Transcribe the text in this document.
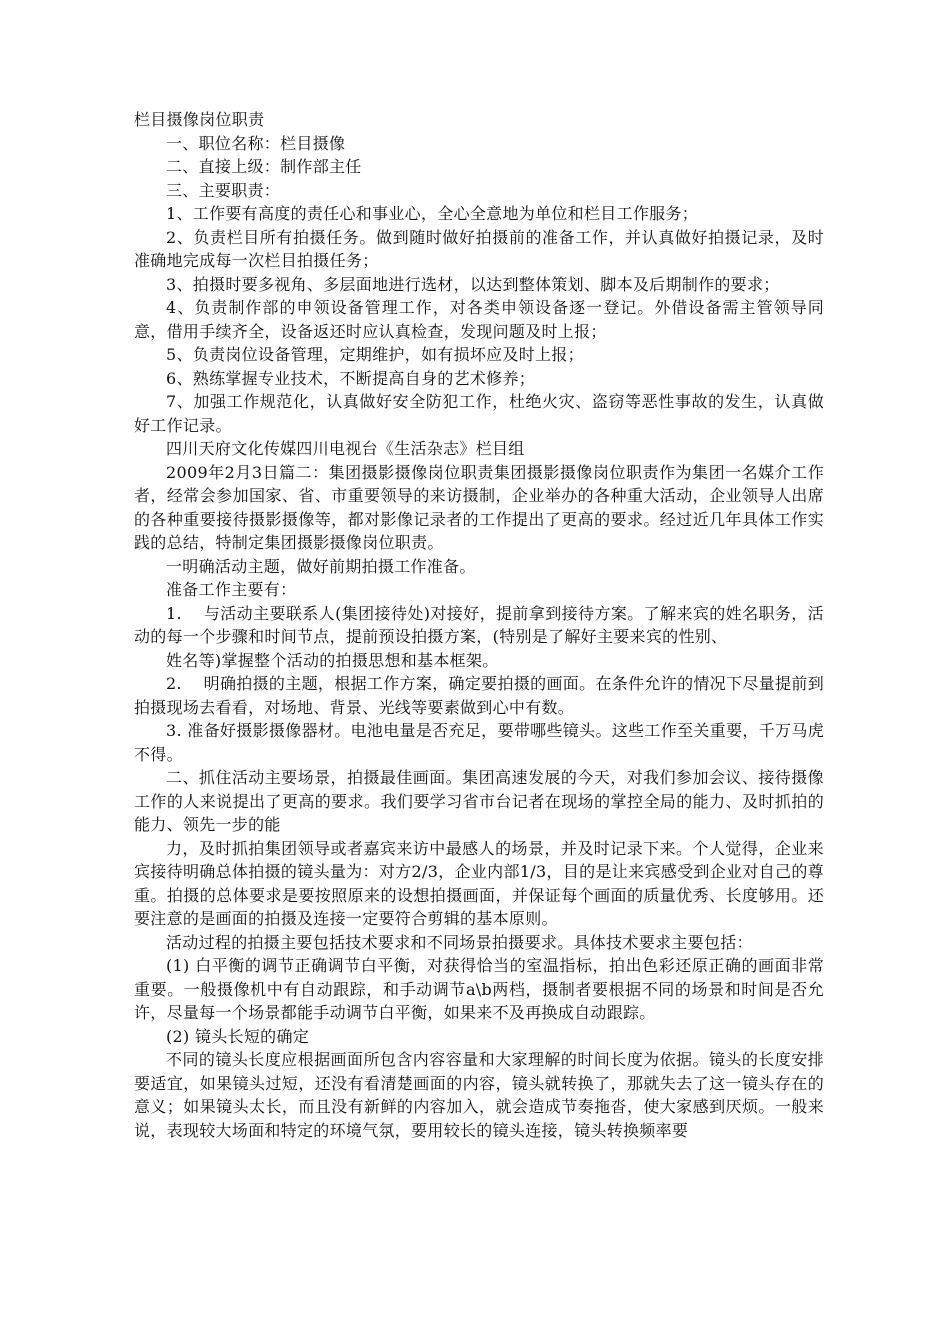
栏目摄像岗位职责

一、职位名称：栏目摄像

二、直接上级：制作部主任

三、主要职责：

1、工作要有高度的责任心和事业心，全心全意地为单位和栏目工作服务；

2、负责栏目所有拍摄任务。做到随时做好拍摄前的准备工作，并认真做好拍摄记录，及时准确地完成每一次栏目拍摄任务；

3、拍摄时要多视角、多层面地进行选材，以达到整体策划、脚本及后期制作的要求；

4、负责制作部的申领设备管理工作，对各类申领设备逐一登记。外借设备需主管领导同意，借用手续齐全，设备返还时应认真检查，发现问题及时上报；

5、负责岗位设备管理，定期维护，如有损坏应及时上报；

6、熟练掌握专业技术，不断提高自身的艺术修养；

7、加强工作规范化，认真做好安全防犯工作，杜绝火灾、盗窃等恶性事故的发生，认真做好工作记录。

四川天府文化传媒四川电视台《生活杂志》栏目组

2009年2月3日篇二：集团摄影摄像岗位职责集团摄影摄像岗位职责作为集团一名媒介工作者，经常会参加国家、省、市重要领导的来访摄制，企业举办的各种重大活动，企业领导人出席的各种重要接待摄影摄像等，都对影像记录者的工作提出了更高的要求。经过近几年具体工作实践的总结，特制定集团摄影摄像岗位职责。

一明确活动主题，做好前期拍摄工作准备。

准备工作主要有：

1.　 与活动主要联系人(集团接待处)对接好，提前拿到接待方案。了解来宾的姓名职务，活动的每一个步骤和时间节点，提前预设拍摄方案，(特别是了解好主要来宾的性别、

姓名等)掌握整个活动的拍摄思想和基本框架。

2.　 明确拍摄的主题，根据工作方案，确定要拍摄的画面。在条件允许的情况下尽量提前到拍摄现场去看看，对场地、背景、光线等要素做到心中有数。

3. 准备好摄影摄像器材。电池电量是否充足，要带哪些镜头。这些工作至关重要，千万马虎不得。

二、抓住活动主要场景，拍摄最佳画面。集团高速发展的今天，对我们参加会议、接待摄像工作的人来说提出了更高的要求。我们要学习省市台记者在现场的掌控全局的能力、及时抓拍的能力、领先一步的能

力，及时抓拍集团领导或者嘉宾来访中最感人的场景，并及时记录下来。个人觉得，企业来宾接待明确总体拍摄的镜头量为：对方2/3，企业内部1/3，目的是让来宾感受到企业对自己的尊重。拍摄的总体要求是要按照原来的设想拍摄画面，并保证每个画面的质量优秀、长度够用。还要注意的是画面的拍摄及连接一定要符合剪辑的基本原则。

活动过程的拍摄主要包括技术要求和不同场景拍摄要求。具体技术要求主要包括：

(1) 白平衡的调节正确调节白平衡，对获得恰当的室温指标，拍出色彩还原正确的画面非常重要。一般摄像机中有自动跟踪，和手动调节a\b两档，摄制者要根据不同的场景和时间是否允许，尽量每一个场景都能手动调节白平衡，如果来不及再换成自动跟踪。

(2) 镜头长短的确定

不同的镜头长度应根据画面所包含内容容量和大家理解的时间长度为依据。镜头的长度安排要适宜，如果镜头过短，还没有看清楚画面的内容，镜头就转换了，那就失去了这一镜头存在的意义；如果镜头太长，而且没有新鲜的内容加入，就会造成节奏拖沓，使大家感到厌烦。一般来说，表现较大场面和特定的环境气氛，要用较长的镜头连接，镜头转换频率要
